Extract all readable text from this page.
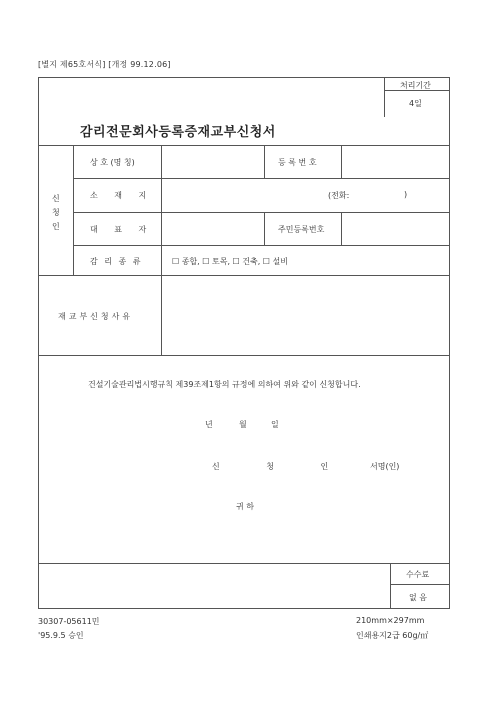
[별지 제65호서식] [개정 99.12.06]
처리기간
4일
감리전문회사등록증재교부신청서
신청인
상 호 (명 칭)	등 록 번 호
소 재 지	(전화:	)
대 표 자	주민등록번호
감 리 종 류 ☐	종합, ☐ 토목, ☐ 건축, ☐ 설비
재교부신청사유
건설기술관리법시행규칙 제39조제1항의 규정에 의하여 위와 같이 신청합니다.
년	월	일
신 청 인 서명(인)
귀 하
수수료
없 음
30307-05611민
'95.9.5 승인
210mm×297mm
인쇄용지2급 60g/㎡
